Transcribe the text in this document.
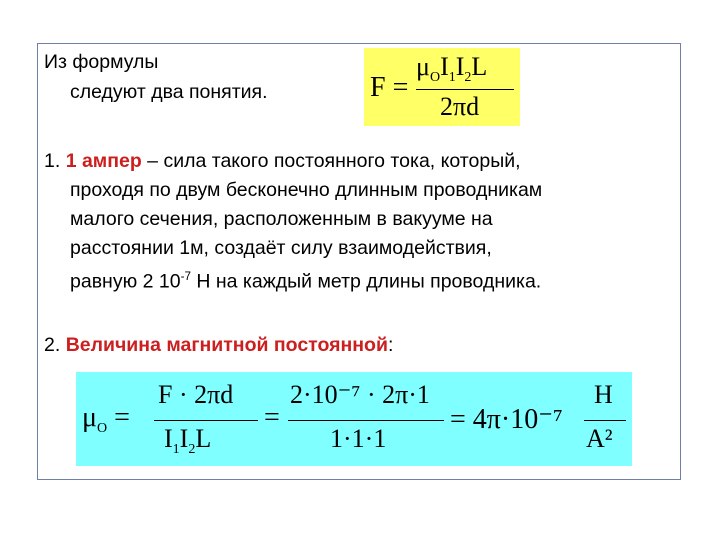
Из формулы
следуют два понятия.	F =
$\mu_OI_1I_2L$
2πd
1. 1 ампер – сила такого постоянного тока, который,
проходя по двум бесконечно длинным проводникам
малого сечения, расположенным в вакууме на
расстоянии 1м, создаёт силу взаимодействия,
равную 2 $10^{-7}$ Н на каждый метр длины проводника.
2. Величина магнитной постоянной:
$\mu_O$ =
F · 2πd
$I_1I_2L$
=
2·10⁻⁷ · 2π·1
1·1·1
= 4π·10⁻⁷
Н
А²
